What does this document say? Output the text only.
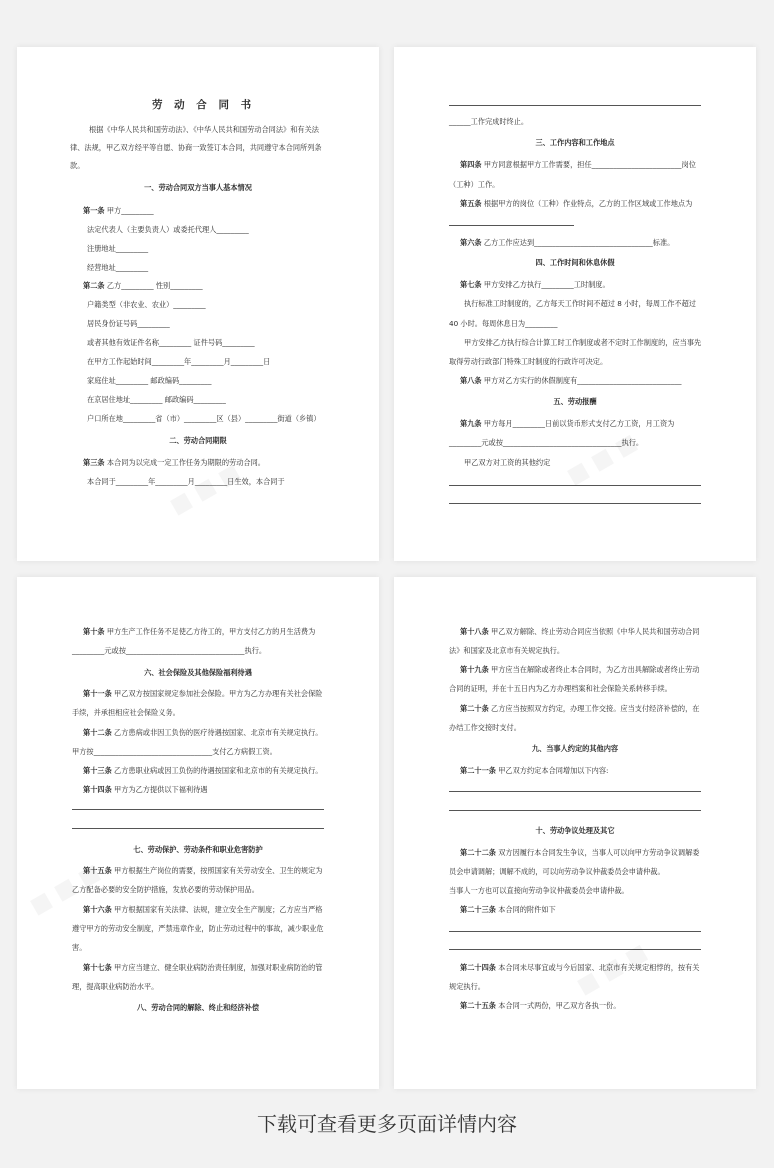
劳 动 合 同 书
根据《中华人民共和国劳动法》、《中华人民共和国劳动合同法》和有关法
律、法规，甲乙双方经平等自愿、协商一致签订本合同，共同遵守本合同所列条
款。
一、劳动合同双方当事人基本情况
第一条 甲方_________
法定代表人（主要负责人）或委托代理人_________
注册地址_________
经营地址_________
第二条 乙方_________ 性别_________
户籍类型（非农业、农业）_________
居民身份证号码_________
或者其他有效证件名称_________ 证件号码_________
在甲方工作起始时间_________年_________月_________日
家庭住址_________ 邮政编码_________
在京居住地址_________ 邮政编码_________
户口所在地_________省（市）_________区（县）_________街道（乡镇）
二、劳动合同期限
第三条 本合同为以完成一定工作任务为期限的劳动合同。
本合同于_________年_________月_________日生效，本合同于
______工作完成时终止。
三、工作内容和工作地点
第四条 甲方同意根据甲方工作需要，担任_________________________岗位
（工种）工作。
第五条 根据甲方的岗位（工种）作业特点，乙方的工作区域或工作地点为
第六条 乙方工作应达到_________________________________标准。
四、工作时间和休息休假
第七条 甲方安排乙方执行_________工时制度。
执行标准工时制度的，乙方每天工作时间不超过 8 小时，每周工作不超过
40 小时。每周休息日为_________
甲方安排乙方执行综合计算工时工作制度或者不定时工作制度的，应当事先
取得劳动行政部门特殊工时制度的行政许可决定。
第八条 甲方对乙方实行的休假制度有_____________________________
五、劳动报酬
第九条 甲方每月_________日前以货币形式支付乙方工资，月工资为
_________元或按_________________________________执行。
甲乙双方对工资的其他约定
第十条 甲方生产工作任务不足使乙方待工的，甲方支付乙方的月生活费为
_________元或按_________________________________执行。
六、社会保险及其他保险福利待遇
第十一条 甲乙双方按国家规定参加社会保险。甲方为乙方办理有关社会保险
手续，并承担相应社会保险义务。
第十二条 乙方患病或非因工负伤的医疗待遇按国家、北京市有关规定执行。
甲方按_________________________________支付乙方病假工资。
第十三条 乙方患职业病或因工负伤的待遇按国家和北京市的有关规定执行。
第十四条 甲方为乙方提供以下福利待遇
七、劳动保护、劳动条件和职业危害防护
第十五条 甲方根据生产岗位的需要，按照国家有关劳动安全、卫生的规定为
乙方配备必要的安全防护措施，发放必要的劳动保护用品。
第十六条 甲方根据国家有关法律、法规，建立安全生产制度；乙方应当严格
遵守甲方的劳动安全制度，严禁违章作业，防止劳动过程中的事故，减少职业危
害。
第十七条 甲方应当建立、健全职业病防治责任制度，加强对职业病防治的管
理，提高职业病防治水平。
八、劳动合同的解除、终止和经济补偿
第十八条 甲乙双方解除、终止劳动合同应当依照《中华人民共和国劳动合同
法》和国家及北京市有关规定执行。
第十九条 甲方应当在解除或者终止本合同时，为乙方出具解除或者终止劳动
合同的证明，并在十五日内为乙方办理档案和社会保险关系转移手续。
第二十条 乙方应当按照双方约定，办理工作交接。应当支付经济补偿的，在
办结工作交接时支付。
九、当事人约定的其他内容
第二十一条 甲乙双方约定本合同增加以下内容:
十、劳动争议处理及其它
第二十二条 双方因履行本合同发生争议，当事人可以向甲方劳动争议调解委
员会申请调解；调解不成的，可以向劳动争议仲裁委员会申请仲裁。
当事人一方也可以直接向劳动争议仲裁委员会申请仲裁。
第二十三条 本合同的附件如下
第二十四条 本合同未尽事宜或与今后国家、北京市有关规定相悖的，按有关
规定执行。
第二十五条 本合同一式两份，甲乙双方各执一份。
下载可查看更多页面详情内容
